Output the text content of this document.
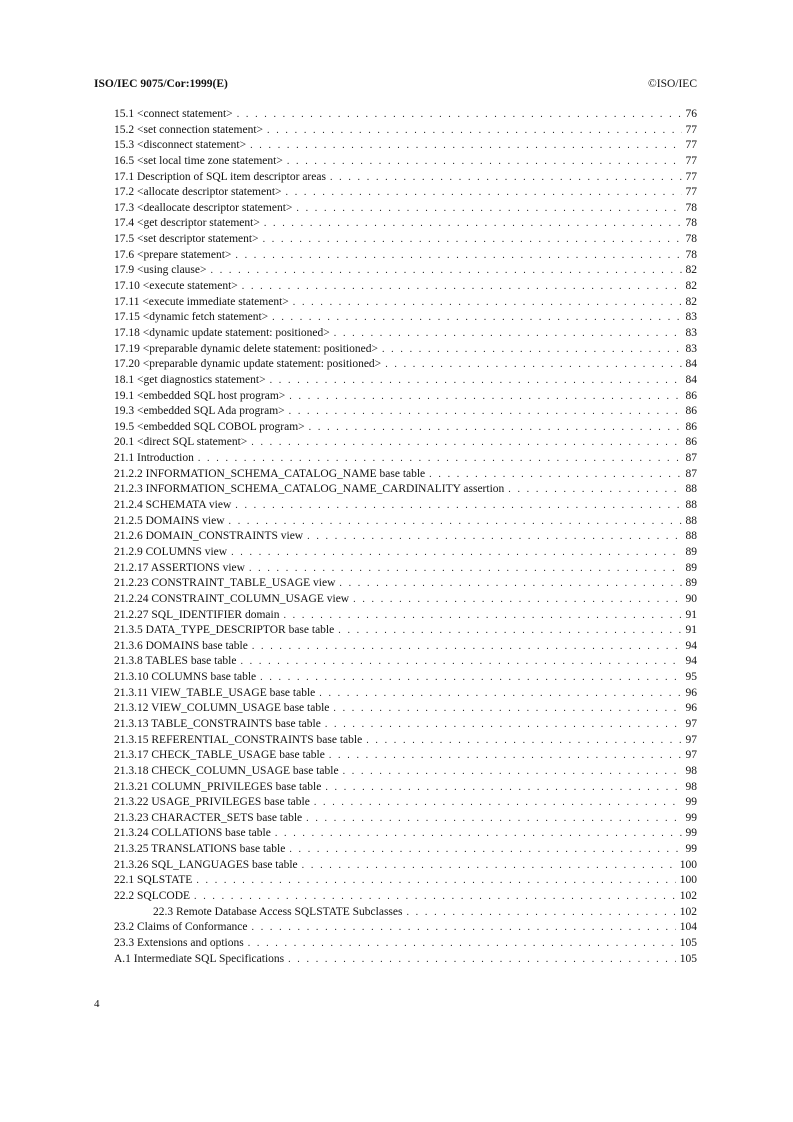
ISO/IEC 9075/Cor:1999(E)	©ISO/IEC
15.1 <connect statement> . . .	76
15.2 <set connection statement> . . .	77
15.3 <disconnect statement> . . .	77
16.5 <set local time zone statement> . . .	77
17.1 Description of SQL item descriptor areas . . .	77
17.2 <allocate descriptor statement> . . .	77
17.3 <deallocate descriptor statement> . . .	78
17.4 <get descriptor statement> . . .	78
17.5 <set descriptor statement> . . .	78
17.6 <prepare statement> . . .	78
17.9 <using clause> . . .	82
17.10 <execute statement> . . .	82
17.11 <execute immediate statement> . . .	82
17.15 <dynamic fetch statement> . . .	83
17.18 <dynamic update statement: positioned> . . .	83
17.19 <preparable dynamic delete statement: positioned> . . .	83
17.20 <preparable dynamic update statement: positioned> . . .	84
18.1 <get diagnostics statement> . . .	84
19.1 <embedded SQL host program> . . .	86
19.3 <embedded SQL Ada program> . . .	86
19.5 <embedded SQL COBOL program> . . .	86
20.1 <direct SQL statement> . . .	86
21.1 Introduction . . .	87
21.2.2 INFORMATION_SCHEMA_CATALOG_NAME base table . . .	87
21.2.3 INFORMATION_SCHEMA_CATALOG_NAME_CARDINALITY assertion . . .	88
21.2.4 SCHEMATA view . . .	88
21.2.5 DOMAINS view . . .	88
21.2.6 DOMAIN_CONSTRAINTS view . . .	88
21.2.9 COLUMNS view . . .	89
21.2.17 ASSERTIONS view . . .	89
21.2.23 CONSTRAINT_TABLE_USAGE view . . .	89
21.2.24 CONSTRAINT_COLUMN_USAGE view . . .	90
21.2.27 SQL_IDENTIFIER domain . . .	91
21.3.5 DATA_TYPE_DESCRIPTOR base table . . .	91
21.3.6 DOMAINS base table . . .	94
21.3.8 TABLES base table . . .	94
21.3.10 COLUMNS base table . . .	95
21.3.11 VIEW_TABLE_USAGE base table . . .	96
21.3.12 VIEW_COLUMN_USAGE base table . . .	96
21.3.13 TABLE_CONSTRAINTS base table . . .	97
21.3.15 REFERENTIAL_CONSTRAINTS base table . . .	97
21.3.17 CHECK_TABLE_USAGE base table . . .	97
21.3.18 CHECK_COLUMN_USAGE base table . . .	98
21.3.21 COLUMN_PRIVILEGES base table . . .	98
21.3.22 USAGE_PRIVILEGES base table . . .	99
21.3.23 CHARACTER_SETS base table . . .	99
21.3.24 COLLATIONS base table . . .	99
21.3.25 TRANSLATIONS base table . . .	99
21.3.26 SQL_LANGUAGES base table . . .	100
22.1 SQLSTATE . . .	100
22.2 SQLCODE . . .	102
22.3 Remote Database Access SQLSTATE Subclasses . . .	102
23.2 Claims of Conformance . . .	104
23.3 Extensions and options . . .	105
A.1 Intermediate SQL Specifications . . .	105
4
